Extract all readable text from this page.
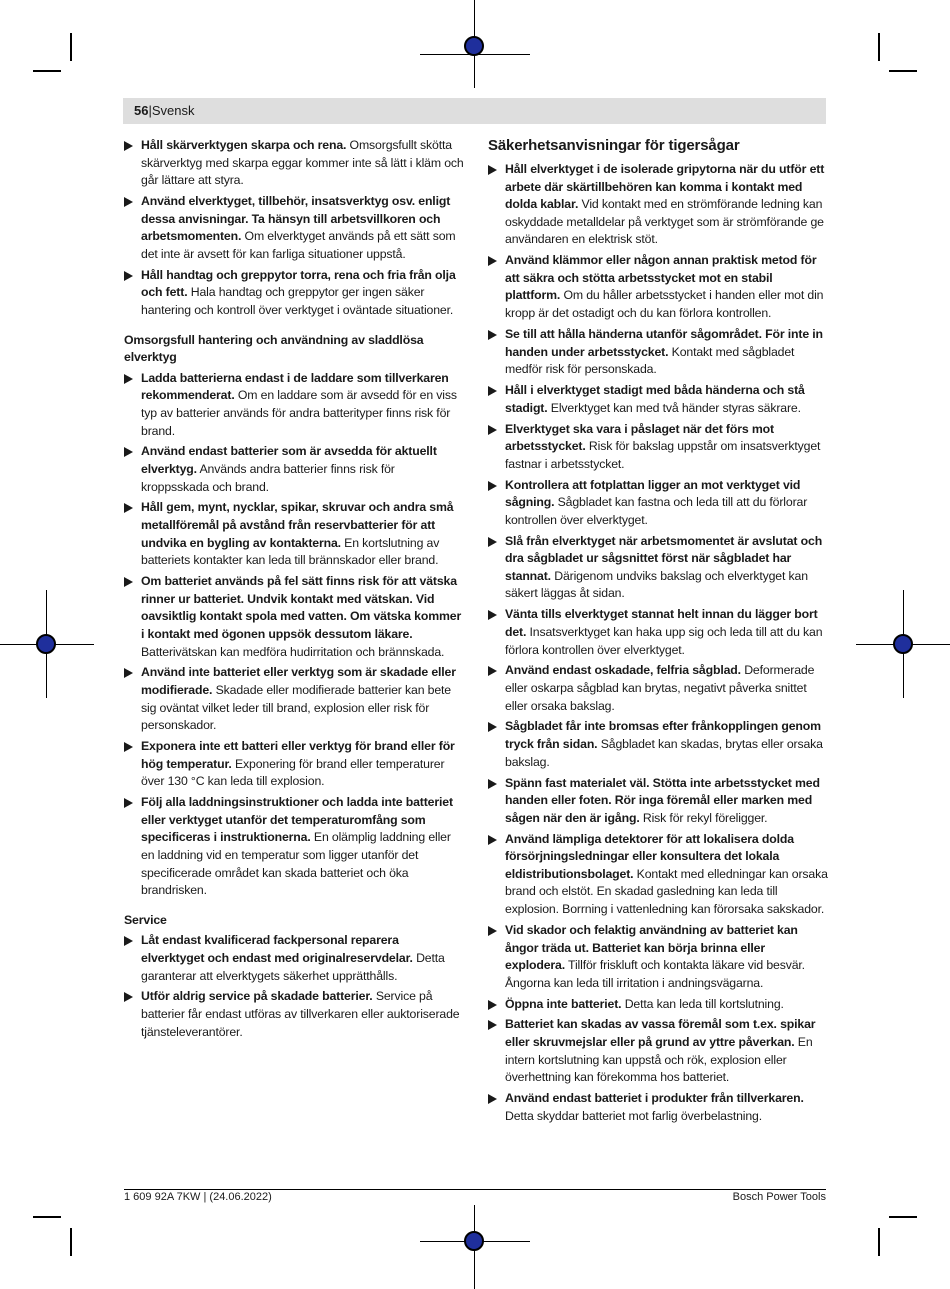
56|Svensk
Håll skärverktygen skarpa och rena. Omsorgsfullt skötta skärverktyg med skarpa eggar kommer inte så lätt i kläm och går lättare att styra.
Använd elverktyget, tillbehör, insatsverktyg osv. enligt dessa anvisningar. Ta hänsyn till arbetsvillkoren och arbetsmomenten. Om elverktyget används på ett sätt som det inte är avsett för kan farliga situationer uppstå.
Håll handtag och greppytor torra, rena och fria från olja och fett. Hala handtag och greppytor ger ingen säker hantering och kontroll över verktyget i oväntade situationer.
Omsorgsfull hantering och användning av sladdlösa elverktyg
Ladda batterierna endast i de laddare som tillverkaren rekommenderat. Om en laddare som är avsedd för en viss typ av batterier används för andra batterityper finns risk för brand.
Använd endast batterier som är avsedda för aktuellt elverktyg. Används andra batterier finns risk för kroppsskada och brand.
Håll gem, mynt, nycklar, spikar, skruvar och andra små metallföremål på avstånd från reservbatterier för att undvika en bygling av kontakterna. En kortslutning av batteriets kontakter kan leda till brännskador eller brand.
Om batteriet används på fel sätt finns risk för att vätska rinner ur batteriet. Undvik kontakt med vätskan. Vid oavsiktlig kontakt spola med vatten. Om vätska kommer i kontakt med ögonen uppsök dessutom läkare. Batterivätskan kan medföra hudirritation och brännskada.
Använd inte batteriet eller verktyg som är skadade eller modifierade. Skadade eller modifierade batterier kan bete sig oväntat vilket leder till brand, explosion eller risk för personskador.
Exponera inte ett batteri eller verktyg för brand eller för hög temperatur. Exponering för brand eller temperaturer över 130 °C kan leda till explosion.
Följ alla laddningsinstruktioner och ladda inte batteriet eller verktyget utanför det temperaturomfång som specificeras i instruktionerna. En olämplig laddning eller en laddning vid en temperatur som ligger utanför det specificerade området kan skada batteriet och öka brandrisken.
Service
Låt endast kvalificerad fackpersonal reparera elverktyget och endast med originalreservdelar. Detta garanterar att elverktygets säkerhet upprätthålls.
Utför aldrig service på skadade batterier. Service på batterier får endast utföras av tillverkaren eller auktoriserade tjänsteleverantörer.
Säkerhetsanvisningar för tigersågar
Håll elverktyget i de isolerade gripytorna när du utför ett arbete där skärtillbehören kan komma i kontakt med dolda kablar. Vid kontakt med en strömförande ledning kan oskyddade metalldelar på verktyget som är strömförande ge användaren en elektrisk stöt.
Använd klämmor eller någon annan praktisk metod för att säkra och stötta arbetsstycket mot en stabil plattform. Om du håller arbetsstycket i handen eller mot din kropp är det ostadigt och du kan förlora kontrollen.
Se till att hålla händerna utanför sågområdet. För inte in handen under arbetsstycket. Kontakt med sågbladet medför risk för personskada.
Håll i elverktyget stadigt med båda händerna och stå stadigt. Elverktyget kan med två händer styras säkrare.
Elverktyget ska vara i påslaget när det förs mot arbetsstycket. Risk för bakslag uppstår om insatsverktyget fastnar i arbetsstycket.
Kontrollera att fotplattan ligger an mot verktyget vid sågning. Sågbladet kan fastna och leda till att du förlorar kontrollen över elverktyget.
Slå från elverktyget när arbetsmomentet är avslutat och dra sågbladet ur sågsnittet först när sågbladet har stannat. Därigenom undviks bakslag och elverktyget kan säkert läggas åt sidan.
Vänta tills elverktyget stannat helt innan du lägger bort det. Insatsverktyget kan haka upp sig och leda till att du kan förlora kontrollen över elverktyget.
Använd endast oskadade, felfria sågblad. Deformerade eller oskarpa sågblad kan brytas, negativt påverka snittet eller orsaka bakslag.
Sågbladet får inte bromsas efter frånkopplingen genom tryck från sidan. Sågbladet kan skadas, brytas eller orsaka bakslag.
Spänn fast materialet väl. Stötta inte arbetsstycket med handen eller foten. Rör inga föremål eller marken med sågen när den är igång. Risk för rekyl föreligger.
Använd lämpliga detektorer för att lokalisera dolda försörjningsledningar eller konsultera det lokala eldistributionsbolaget. Kontakt med elledningar kan orsaka brand och elstöt. En skadad gasledning kan leda till explosion. Borrning i vattenledning kan förorsaka sakskador.
Vid skador och felaktig användning av batteriet kan ångor träda ut. Batteriet kan börja brinna eller explodera. Tillför friskluft och kontakta läkare vid besvär. Ångorna kan leda till irritation i andningsvägarna.
Öppna inte batteriet. Detta kan leda till kortslutning.
Batteriet kan skadas av vassa föremål som t.ex. spikar eller skruvmejslar eller på grund av yttre påverkan. En intern kortslutning kan uppstå och rök, explosion eller överhettning kan förekomma hos batteriet.
Använd endast batteriet i produkter från tillverkaren. Detta skyddar batteriet mot farlig överbelastning.
1 609 92A 7KW | (24.06.2022)	Bosch Power Tools
